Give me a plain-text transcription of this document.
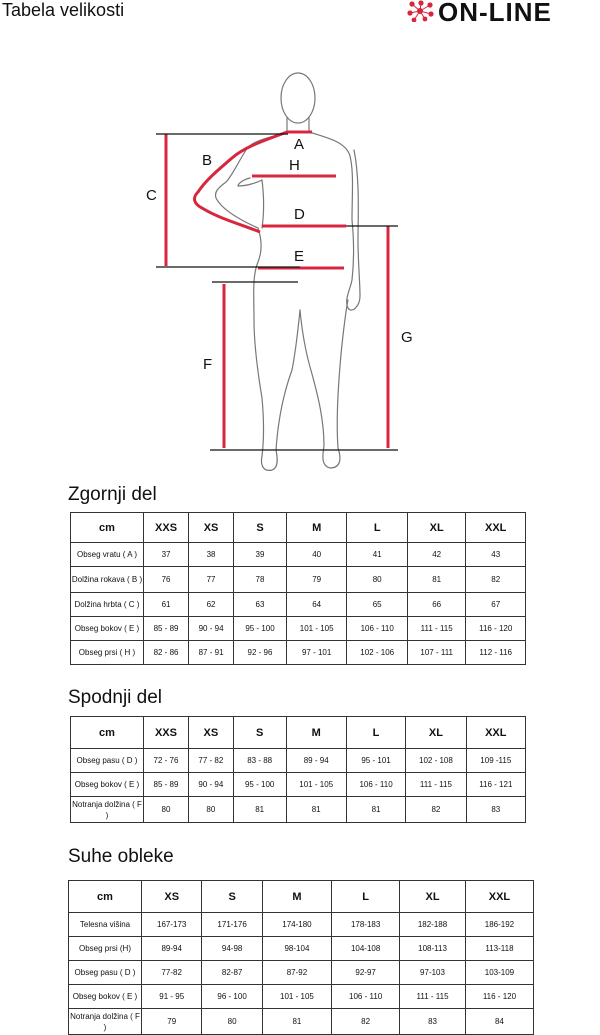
Tabela velikosti	ON-LINE
A
B
C
H
D
E
F
G
Zgornji del
cm	XXS	XS	S	M	L	XL	XXL
Obseg vratu ( A )	37	38	39	40	41	42	43
Dolžina rokava ( B )	76	77	78	79	80	81	82
Dolžina hrbta ( C )	61	62	63	64	65	66	67
Obseg bokov ( E )	85 - 89	90 - 94	95 - 100	101 - 105	106 - 110	111 - 115	116 - 120
Obseg prsi ( H )	82 - 86	87 - 91	92 - 96	97 - 101	102 - 106	107 - 111	112 - 116
Spodnji del
cm	XXS	XS	S	M	L	XL	XXL
Obseg pasu ( D )	72 - 76	77 - 82	83 - 88	89 - 94	95 - 101	102 - 108	109 -115
Obseg bokov ( E )	85 - 89	90 - 94	95 - 100	101 - 105	106 - 110	111 - 115	116 - 121
Notranja dolžina ( F )	80	80	81	81	81	82	83
Suhe obleke
cm	XS	S	M	L	XL	XXL
Telesna višina	167-173	171-176	174-180	178-183	182-188	186-192
Obseg prsi (H)	89-94	94-98	98-104	104-108	108-113	113-118
Obseg pasu ( D )	77-82	82-87	87-92	92-97	97-103	103-109
Obseg bokov ( E )	91 - 95	96 - 100	101 - 105	106 - 110	111 - 115	116 - 120
Notranja dolžina ( F )	79	80	81	82	83	84
